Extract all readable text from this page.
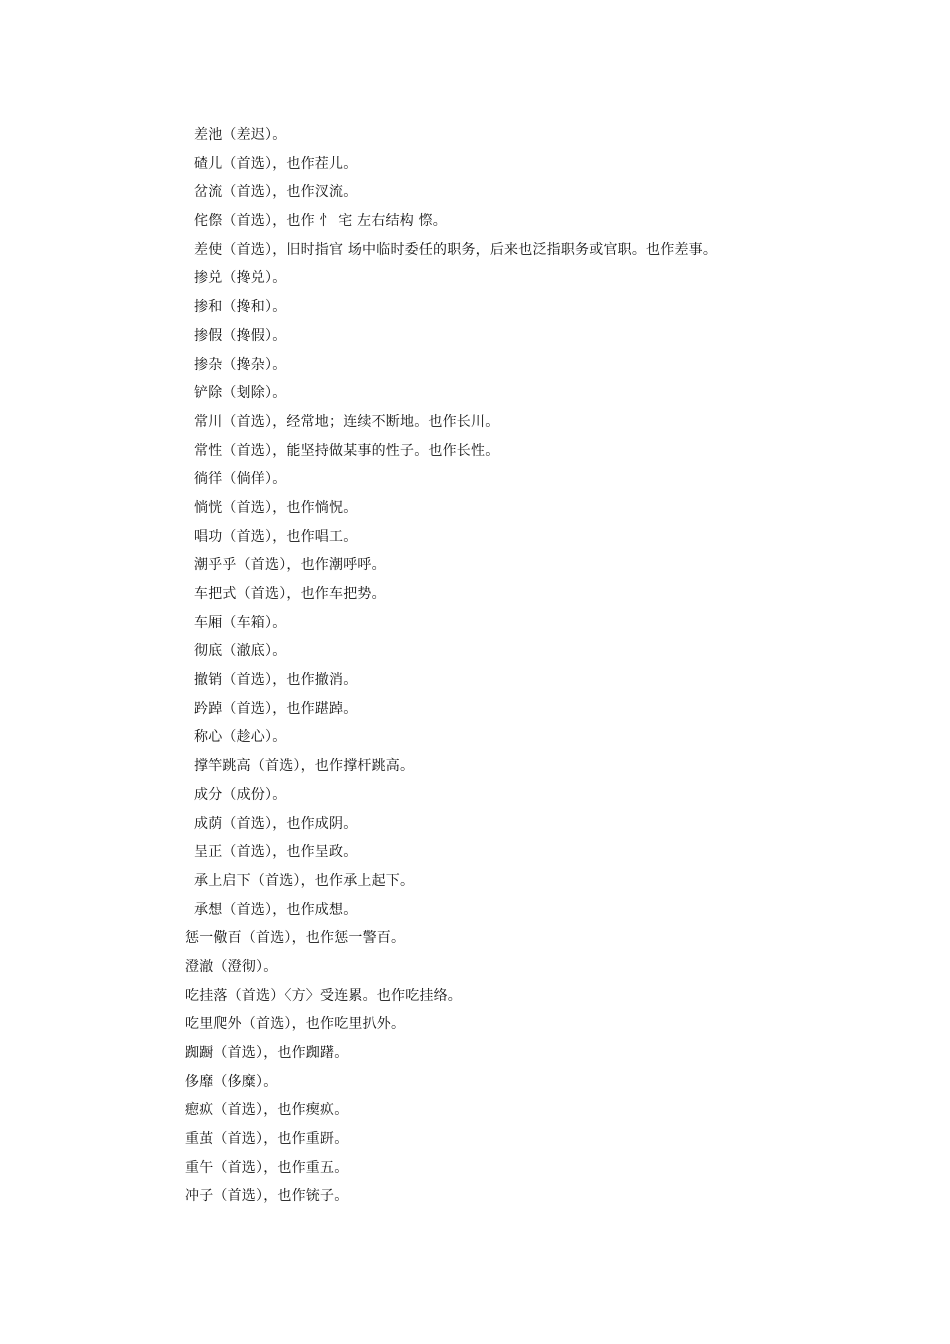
差池（差迟）。
碴儿（首选），也作茬儿。
岔流（首选），也作汊流。
侘傺（首选），也作 忄 宅 左右结构 憏。
差使（首选），旧时指官 场中临时委任的职务，后来也泛指职务或官职。也作差事。
掺兑（搀兑）。
掺和（搀和）。
掺假（搀假）。
掺杂（搀杂）。
铲除（刬除）。
常川（首选），经常地；连续不断地。也作长川。
常性（首选），能坚持做某事的性子。也作长性。
徜徉（倘佯）。
惝恍（首选），也作惝怳。
唱功（首选），也作唱工。
潮乎乎（首选），也作潮呼呼。
车把式（首选），也作车把势。
车厢（车箱）。
彻底（澈底）。
撤销（首选），也作撤消。
趻踔（首选），也作踸踔。
称心（趁心）。
撑竿跳高（首选），也作撑杆跳高。
成分（成份）。
成荫（首选），也作成阴。
呈正（首选），也作呈政。
承上启下（首选），也作承上起下。
承想（首选），也作成想。
惩一儆百（首选），也作惩一警百。
澄澈（澄彻）。
吃挂落（首选）〈方〉受连累。也作吃挂络。
吃里爬外（首选），也作吃里扒外。
踟蹰（首选），也作踟躇。
侈靡（侈糜）。
瘛疭（首选），也作瘈疭。
重茧（首选），也作重趼。
重午（首选），也作重五。
冲子（首选），也作铳子。
